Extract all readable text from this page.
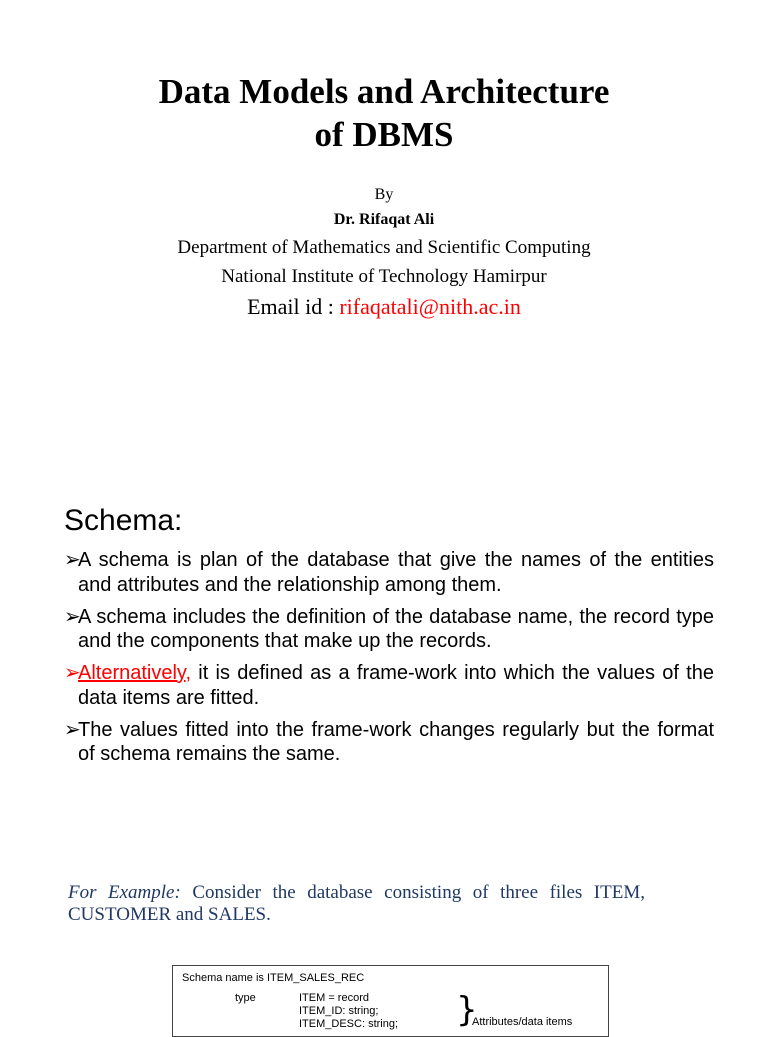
Data Models and Architecture
of DBMS
By
Dr. Rifaqat Ali
Department of Mathematics and Scientific Computing
National Institute of Technology Hamirpur
Email id : rifaqatali@nith.ac.in
Schema:
➢
A schema is plan of the database that give the names of the entities and attributes and the relationship among them.
➢
A schema includes the definition of the database name, the record type and the components that make up the records.
➢
Alternatively, it is defined as a frame-work into which the values of the data items are fitted.
➢
The values fitted into the frame-work changes regularly but the format of schema remains the same.
For Example: Consider the database consisting of three files ITEM, CUSTOMER and SALES.
Schema name is ITEM_SALES_REC
type	ITEM = record
ITEM_ID: string;
ITEM_DESC: string; }
Attributes/data items
